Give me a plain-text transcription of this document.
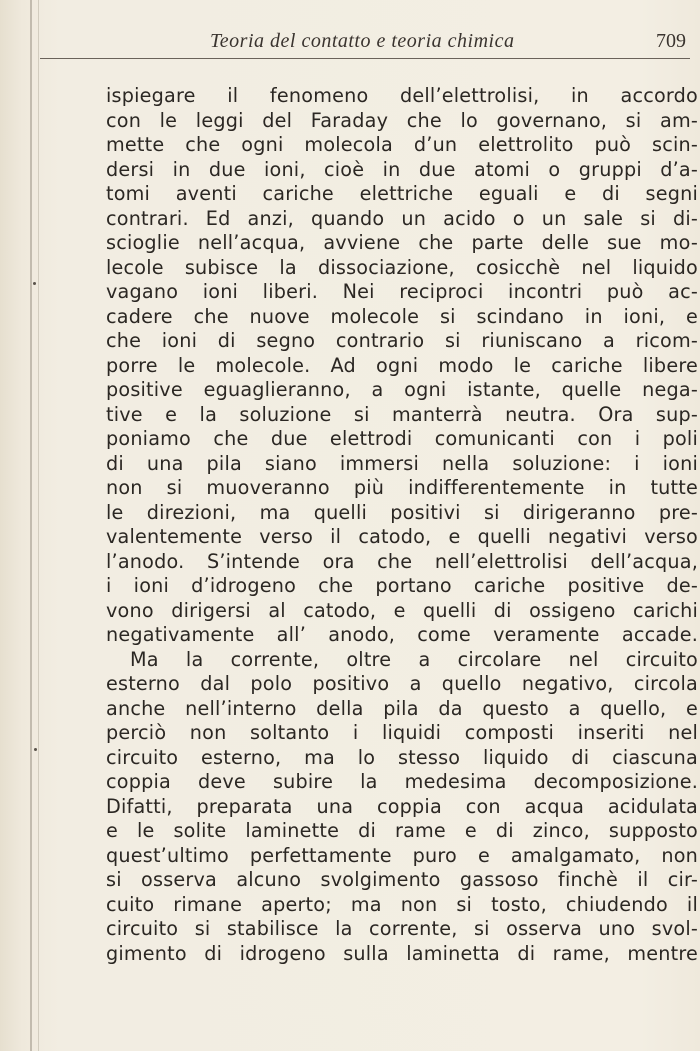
Teoria del contatto e teoria chimica	709
ispiegare il fenomeno dell’elettrolisi, in accordo
con le leggi del Faraday che lo governano, si am-
mette che ogni molecola d’un elettrolito può scin-
dersi in due ioni, cioè in due atomi o gruppi d’a-
tomi aventi cariche elettriche eguali e di segni
contrari. Ed anzi, quando un acido o un sale si di-
scioglie nell’acqua, avviene che parte delle sue mo-
lecole subisce la dissociazione, cosicchè nel liquido
vagano ioni liberi. Nei reciproci incontri può ac-
cadere che nuove molecole si scindano in ioni, e
che ioni di segno contrario si riuniscano a ricom-
porre le molecole. Ad ogni modo le cariche libere
positive eguaglieranno, a ogni istante, quelle nega-
tive e la soluzione si manterrà neutra. Ora sup-
poniamo che due elettrodi comunicanti con i poli
di una pila siano immersi nella soluzione: i ioni
non si muoveranno più indifferentemente in tutte
le direzioni, ma quelli positivi si dirigeranno pre-
valentemente verso il catodo, e quelli negativi verso
l’anodo. S’intende ora che nell’elettrolisi dell’acqua,
i ioni d’idrogeno che portano cariche positive de-
vono dirigersi al catodo, e quelli di ossigeno carichi
negativamente all’ anodo, come veramente accade.
Ma la corrente, oltre a circolare nel circuito
esterno dal polo positivo a quello negativo, circola
anche nell’interno della pila da questo a quello, e
perciò non soltanto i liquidi composti inseriti nel
circuito esterno, ma lo stesso liquido di ciascuna
coppia deve subire la medesima decomposizione.
Difatti, preparata una coppia con acqua acidulata
e le solite laminette di rame e di zinco, supposto
quest’ultimo perfettamente puro e amalgamato, non
si osserva alcuno svolgimento gassoso finchè il cir-
cuito rimane aperto; ma non si tosto, chiudendo il
circuito si stabilisce la corrente, si osserva uno svol-
gimento di idrogeno sulla laminetta di rame, mentre
